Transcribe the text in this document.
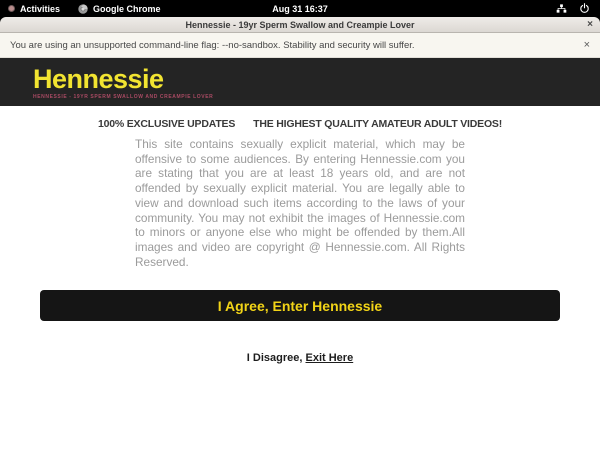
Activities	Google Chrome	Aug 31 16:37
Hennessie - 19yr Sperm Swallow and Creampie Lover	×
You are using an unsupported command-line flag: --no-sandbox. Stability and security will suffer.	×
Hennessie
HENNESSIE - 19YR SPERM SWALLOW AND CREAMPIE LOVER
100% EXCLUSIVE UPDATES THE HIGHEST QUALITY AMATEUR ADULT VIDEOS!

This site contains sexually explicit material, which may be offensive to some audiences. By entering Hennessie.com you are stating that you are at least 18 years old, and are not offended by sexually explicit material. You are legally able to view and download such items according to the laws of your community. You may not exhibit the images of Hennessie.com to minors or anyone else who might be offended by them.All images and video are copyright @ Hennessie.com. All Rights Reserved.

I Agree, Enter Hennessie
I Disagree, Exit Here
